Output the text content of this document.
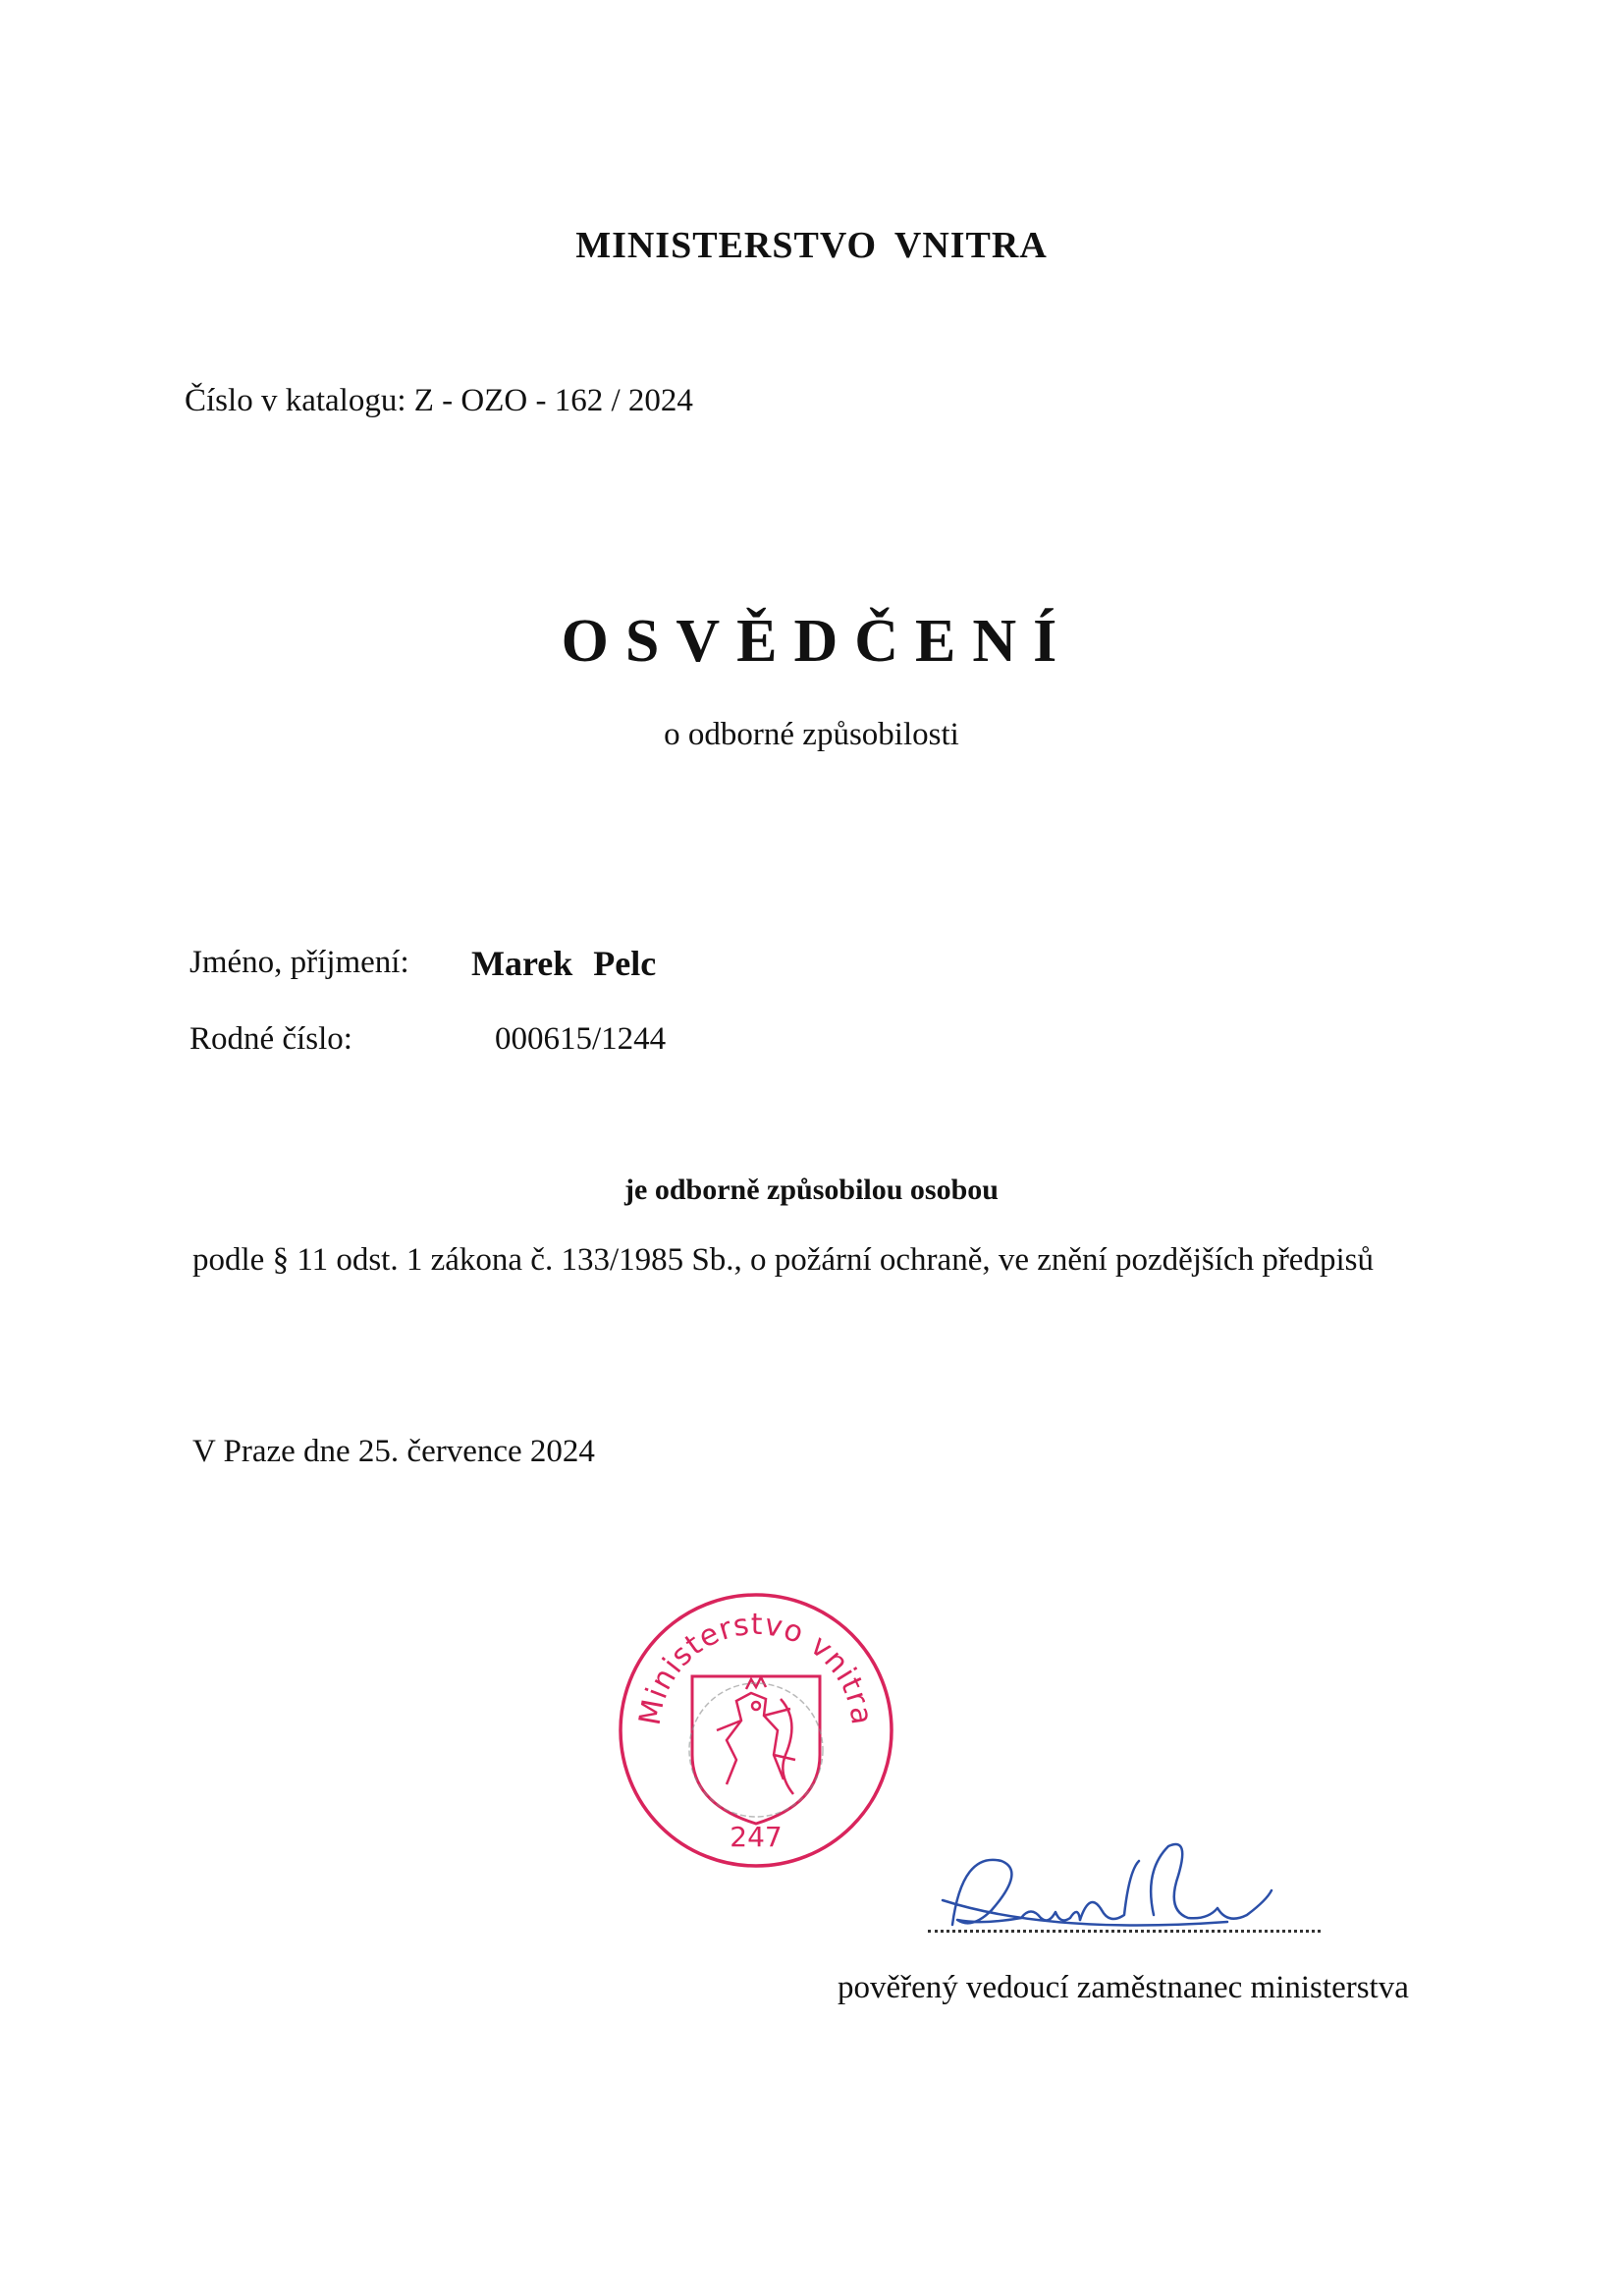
MINISTERSTVO VNITRA
Číslo v katalogu: Z - OZO - 162 / 2024
OSVĚDČENÍ
o odborné způsobilosti
Jméno, příjmení: Marek Pelc
Rodné číslo:	000615/1244
je odborně způsobilou osobou
podle § 11 odst. 1 zákona č. 133/1985 Sb., o požární ochraně, ve znění pozdějších předpisů
V Praze dne 25. července 2024
Ministerstvo vnitra
247
pověřený vedoucí zaměstnanec ministerstva
